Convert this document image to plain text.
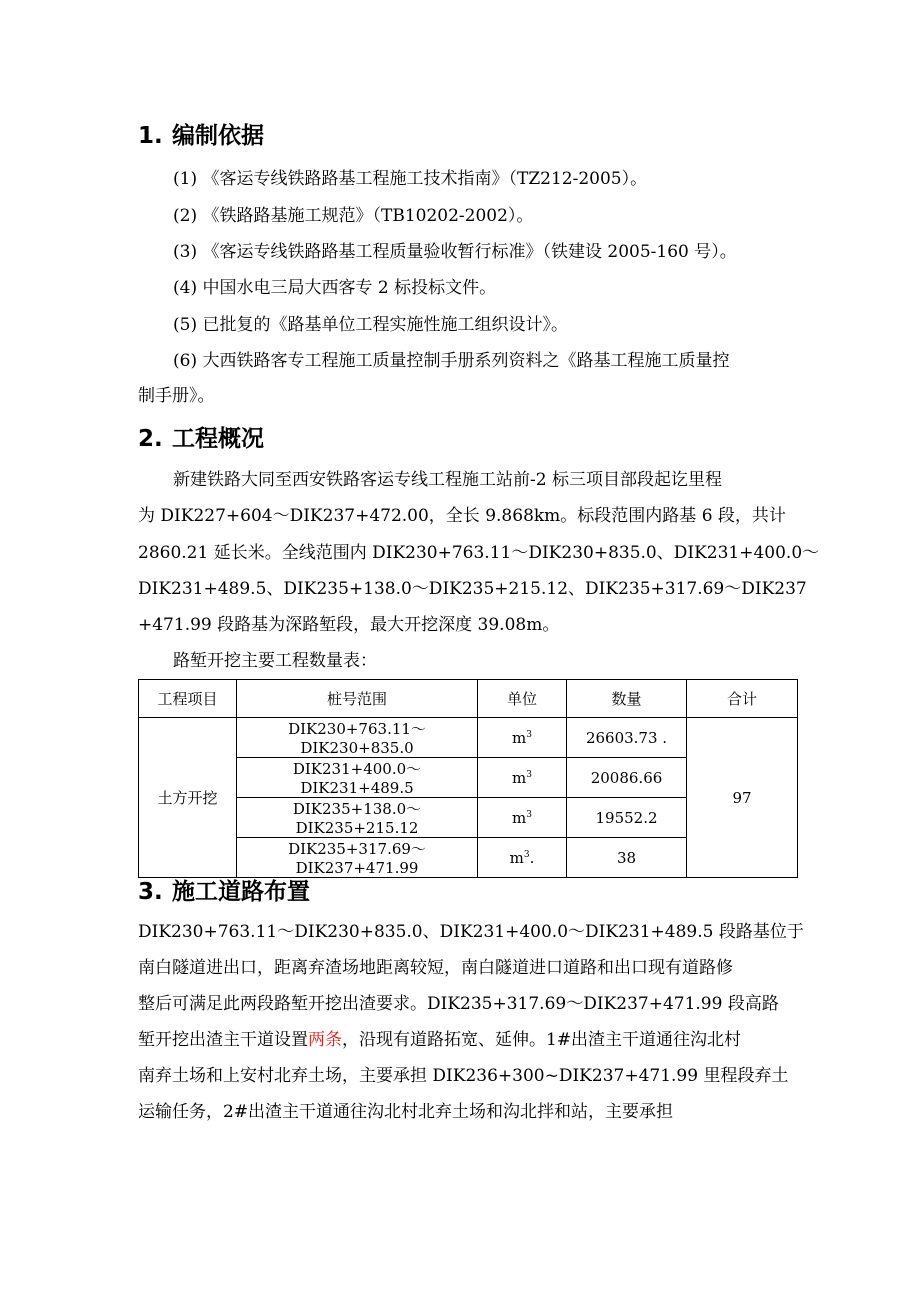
1. 编制依据
(1) 《客运专线铁路路基工程施工技术指南》（TZ212-2005）。
(2) 《铁路路基施工规范》（TB10202-2002）。
(3) 《客运专线铁路路基工程质量验收暂行标准》（铁建设 2005-160 号）。
(4) 中国水电三局大西客专 2 标投标文件。
(5) 已批复的《路基单位工程实施性施工组织设计》。
(6) 大西铁路客专工程施工质量控制手册系列资料之《路基工程施工质量控
制手册》。
2. 工程概况
新建铁路大同至西安铁路客运专线工程施工站前-2 标三项目部段起讫里程
为 DIK227+604～DIK237+472.00，全长 9.868km。标段范围内路基 6 段，共计
2860.21 延长米。全线范围内 DIK230+763.11～DIK230+835.0、DIK231+400.0～
DIK231+489.5、DIK235+138.0～DIK235+215.12、DIK235+317.69～DIK237
+471.99 段路基为深路堑段，最大开挖深度 39.08m。
路堑开挖主要工程数量表：
工程项目	桩号范围	单位	数量	合计
土方开挖	DIK230+763.11～DIK230+835.0	$m^3$	26603.73 .	97
	DIK231+400.0～DIK231+489.5	$m^3$	20086.66	
	DIK235+138.0～DIK235+215.12	$m^3$	19552.2	
	DIK235+317.69～DIK237+471.99	$m^3$.	38	
3. 施工道路布置
DIK230+763.11～DIK230+835.0、DIK231+400.0～DIK231+489.5 段路基位于
南白隧道进出口，距离弃渣场地距离较短，南白隧道进口道路和出口现有道路修
整后可满足此两段路堑开挖出渣要求。DIK235+317.69～DIK237+471.99 段高路
堑开挖出渣主干道设置两条，沿现有道路拓宽、延伸。1#出渣主干道通往沟北村
南弃土场和上安村北弃土场，主要承担 DIK236+300~DIK237+471.99 里程段弃土
运输任务，2#出渣主干道通往沟北村北弃土场和沟北拌和站，主要承担
